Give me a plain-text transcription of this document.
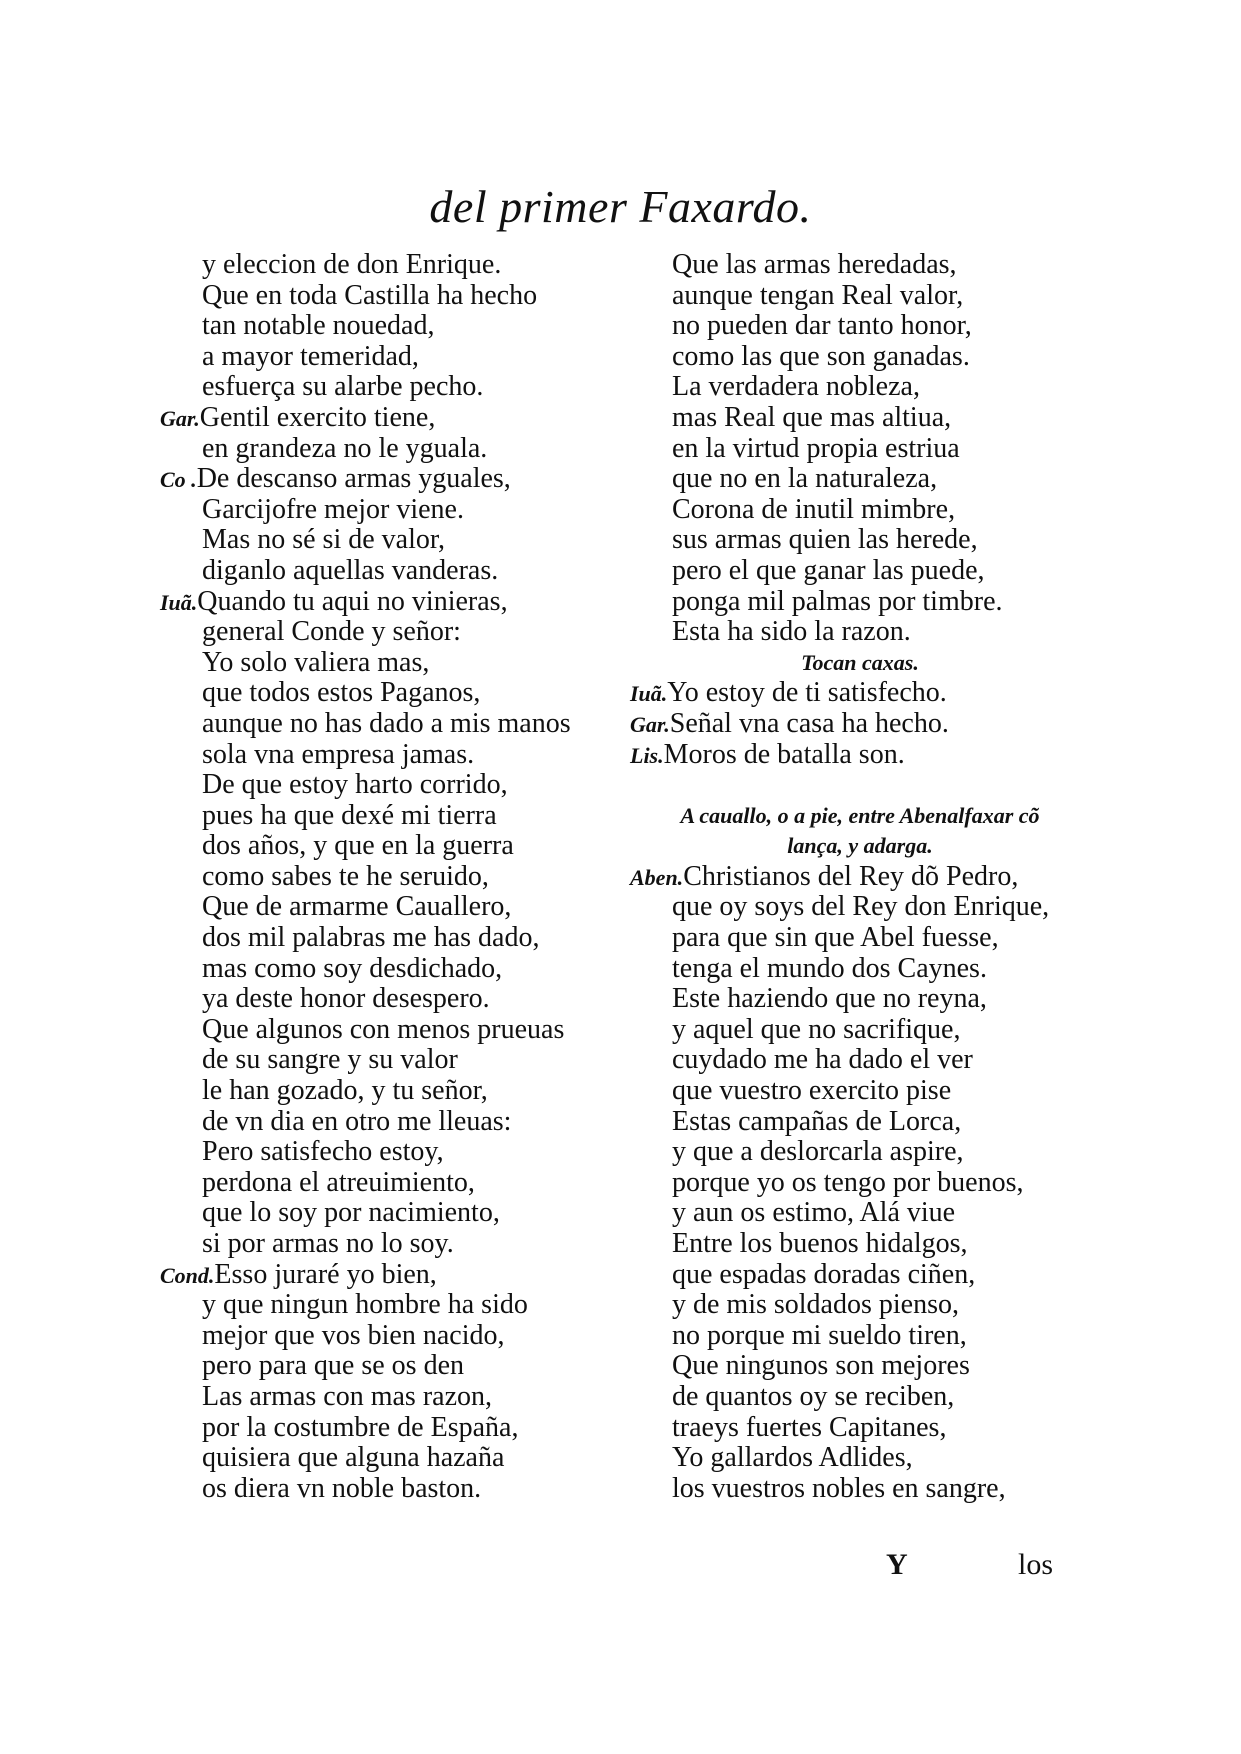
del primer Faxardo.
y eleccion de don Enrique.
Que en toda Castilla ha hecho
tan notable nouedad,
a mayor temeridad,
esfuerça su alarbe pecho.
Gar.Gentil exercito tiene,
en grandeza no le yguala.
Co .De descanso armas yguales,
Garcijofre mejor viene.
Mas no sé si de valor,
diganlo aquellas vanderas.
Iuã.Quando tu aqui no vinieras,
general Conde y señor:
Yo solo valiera mas,
que todos estos Paganos,
aunque no has dado a mis manos
sola vna empresa jamas.
De que estoy harto corrido,
pues ha que dexé mi tierra
dos años, y que en la guerra
como sabes te he seruido,
Que de armarme Cauallero,
dos mil palabras me has dado,
mas como soy desdichado,
ya deste honor desespero.
Que algunos con menos prueuas
de su sangre y su valor
le han gozado, y tu señor,
de vn dia en otro me lleuas:
Pero satisfecho estoy,
perdona el atreuimiento,
que lo soy por nacimiento,
si por armas no lo soy.
Cond.Esso juraré yo bien,
y que ningun hombre ha sido
mejor que vos bien nacido,
pero para que se os den
Las armas con mas razon,
por la costumbre de España,
quisiera que alguna hazaña
os diera vn noble baston.
Que las armas heredadas,
aunque tengan Real valor,
no pueden dar tanto honor,
como las que son ganadas.
La verdadera nobleza,
mas Real que mas altiua,
en la virtud propia estriua
que no en la naturaleza,
Corona de inutil mimbre,
sus armas quien las herede,
pero el que ganar las puede,
ponga mil palmas por timbre.
Esta ha sido la razon.
Tocan caxas.
Iuã.Yo estoy de ti satisfecho.
Gar.Señal vna casa ha hecho.
Lis.Moros de batalla son.
A cauallo, o a pie, entre Abenalfaxar cõ
lança, y adarga.
Aben.Christianos del Rey dõ Pedro,
que oy soys del Rey don Enrique,
para que sin que Abel fuesse,
tenga el mundo dos Caynes.
Este haziendo que no reyna,
y aquel que no sacrifique,
cuydado me ha dado el ver
que vuestro exercito pise
Estas campañas de Lorca,
y que a deslorcarla aspire,
porque yo os tengo por buenos,
y aun os estimo, Alá viue
Entre los buenos hidalgos,
que espadas doradas ciñen,
y de mis soldados pienso,
no porque mi sueldo tiren,
Que ningunos son mejores
de quantos oy se reciben,
traeys fuertes Capitanes,
Yo gallardos Adlides,
los vuestros nobles en sangre,
Y	los
